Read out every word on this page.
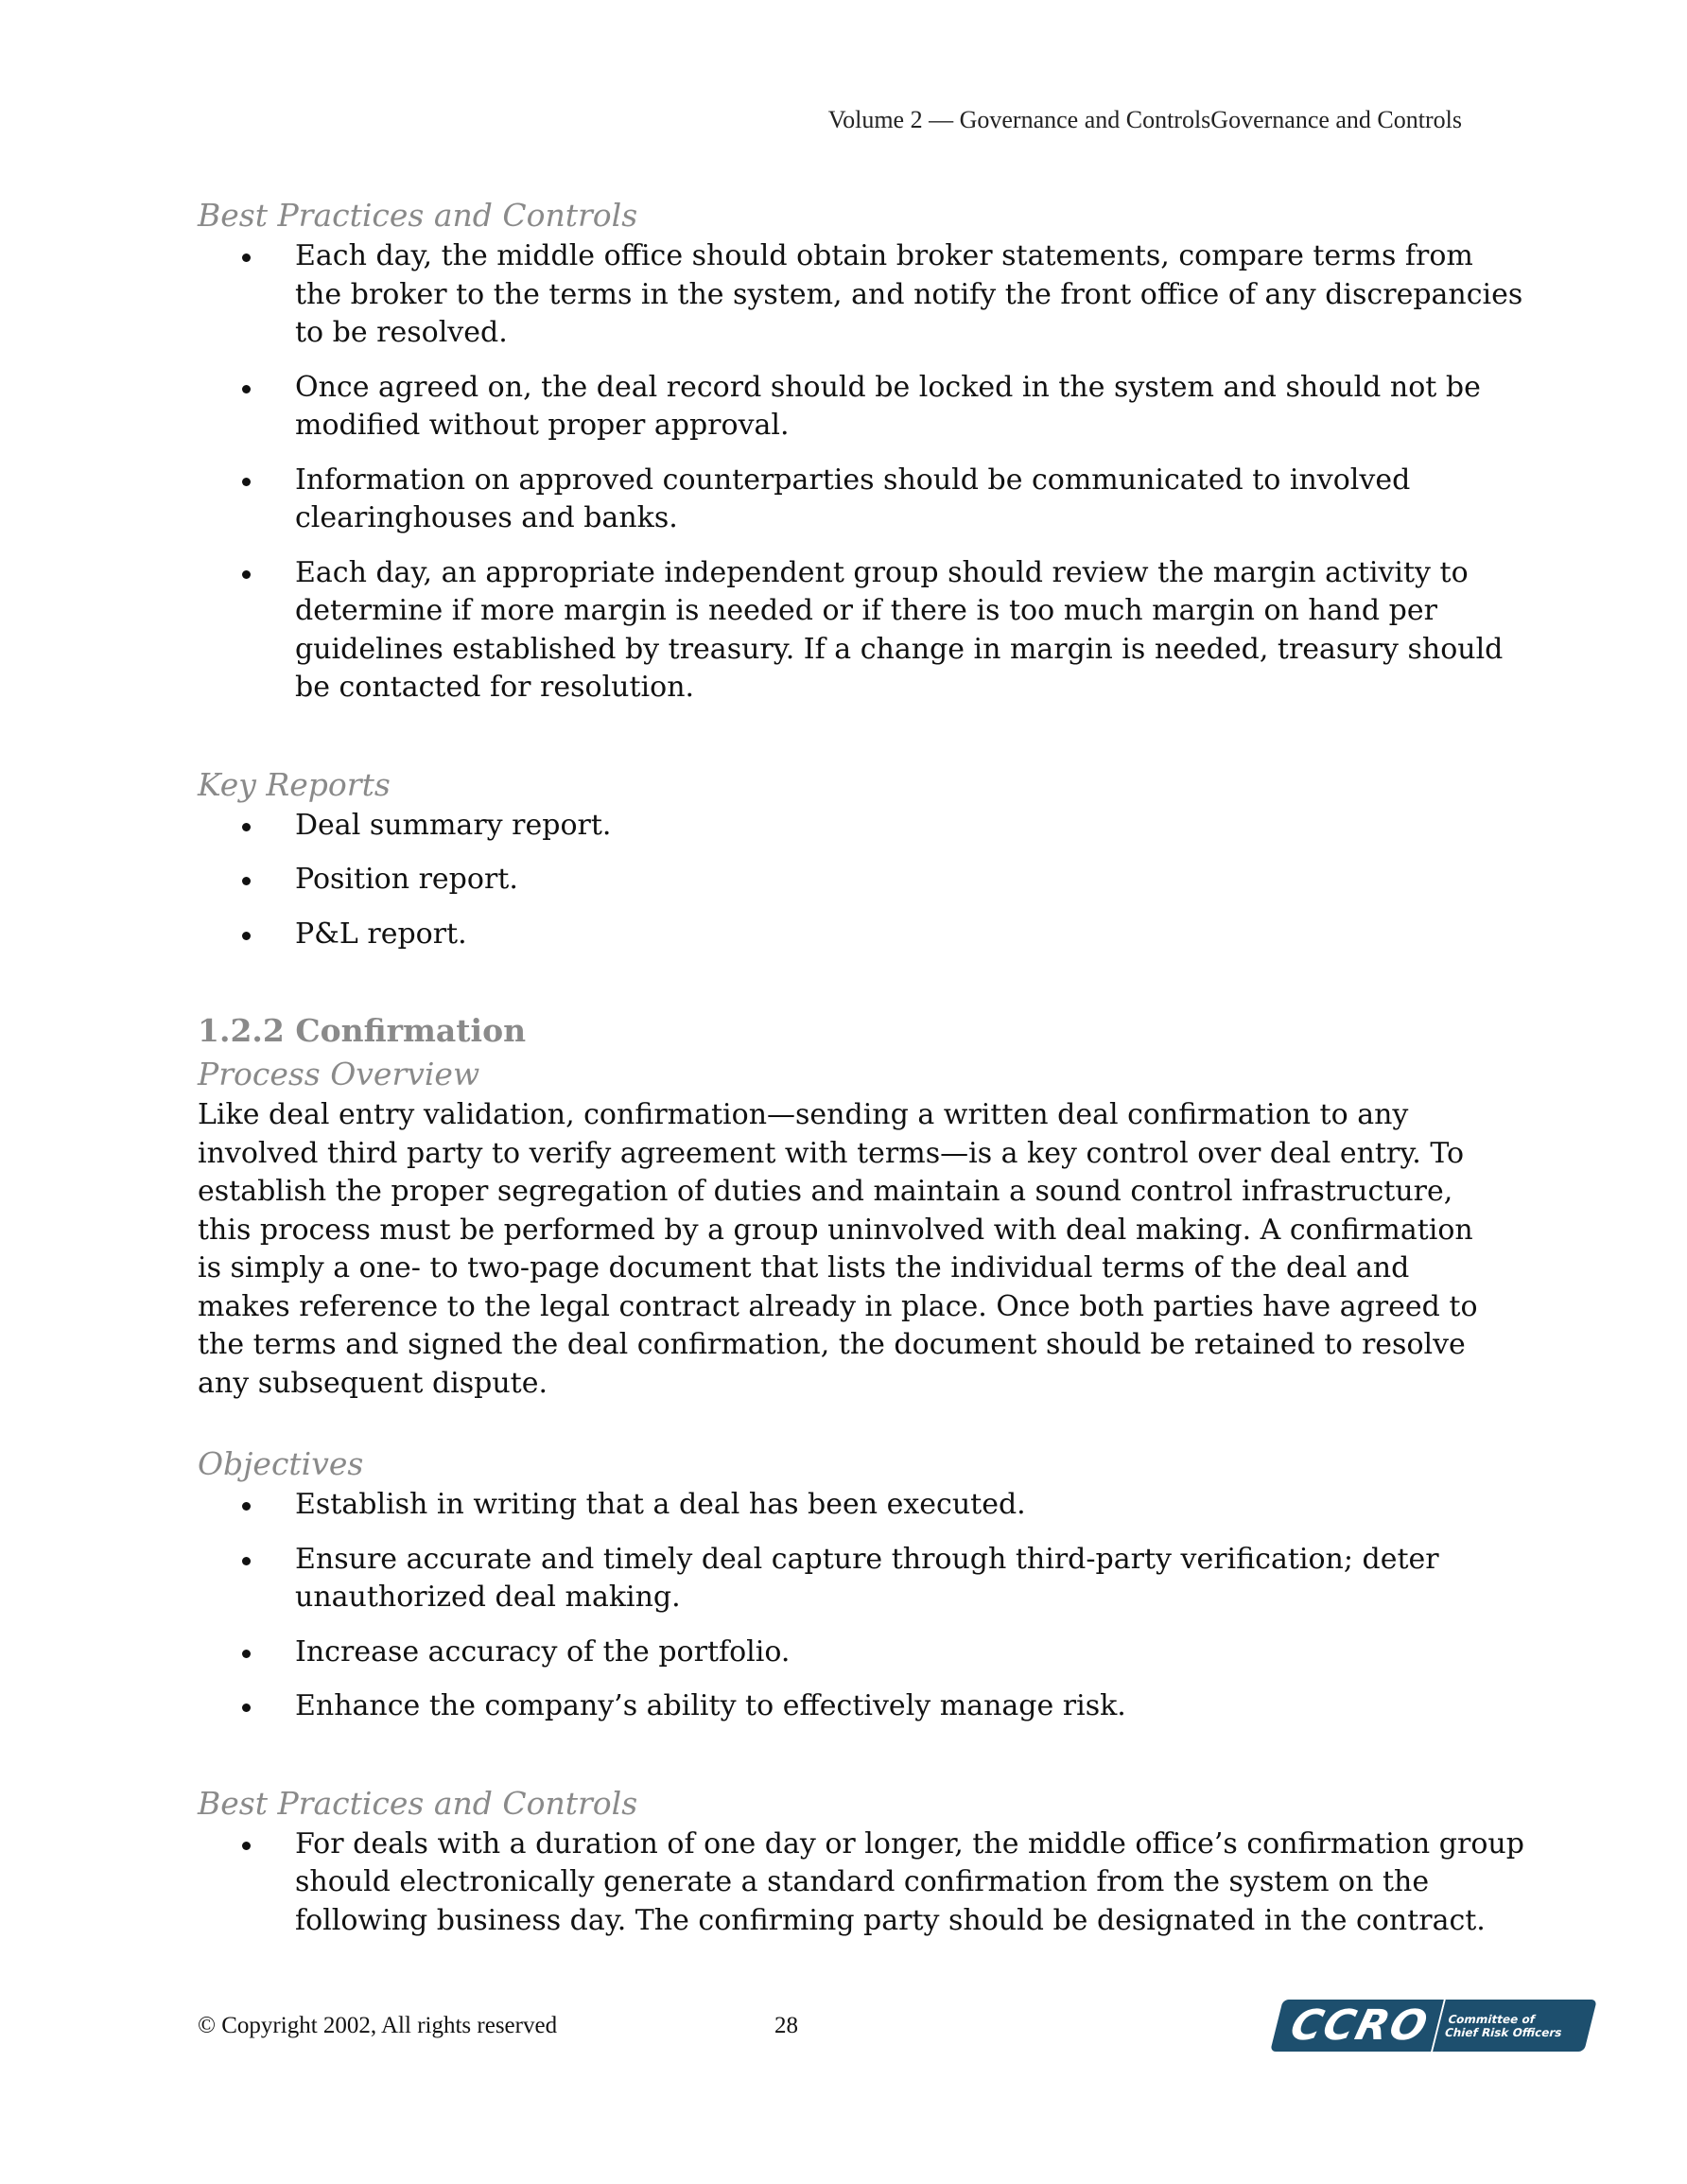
Volume 2 — Governance and ControlsGovernance and Controls

Best Practices and Controls

Each day, the middle office should obtain broker statements, compare terms from the broker to the terms in the system, and notify the front office of any discrepancies to be resolved.
Once agreed on, the deal record should be locked in the system and should not be modified without proper approval.
Information on approved counterparties should be communicated to involved clearinghouses and banks.
Each day, an appropriate independent group should review the margin activity to determine if more margin is needed or if there is too much margin on hand per guidelines established by treasury. If a change in margin is needed, treasury should be contacted for resolution.

Key Reports

Deal summary report.
Position report.
P&L report.

1.2.2 Confirmation

Process Overview

Like deal entry validation, confirmation—sending a written deal confirmation to any involved third party to verify agreement with terms—is a key control over deal entry. To establish the proper segregation of duties and maintain a sound control infrastructure, this process must be performed by a group uninvolved with deal making. A confirmation is simply a one- to two-page document that lists the individual terms of the deal and makes reference to the legal contract already in place. Once both parties have agreed to the terms and signed the deal confirmation, the document should be retained to resolve any subsequent dispute.

Objectives

Establish in writing that a deal has been executed.
Ensure accurate and timely deal capture through third-party verification; deter unauthorized deal making.
Increase accuracy of the portfolio.
Enhance the company’s ability to effectively manage risk.

Best Practices and Controls

For deals with a duration of one day or longer, the middle office’s confirmation group should electronically generate a standard confirmation from the system on the following business day. The confirming party should be designated in the contract.
© Copyright 2002, All rights reserved	28	CCRO	Committee of
Chief Risk Officers
